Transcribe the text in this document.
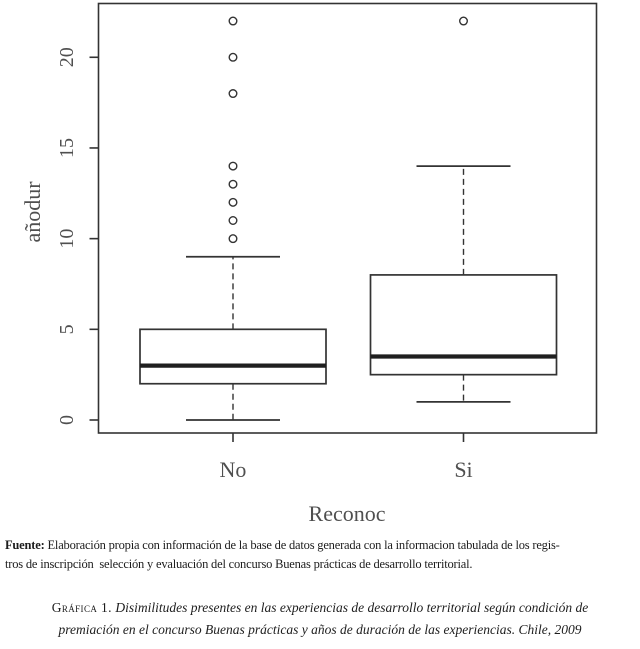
0
5
10
15
20
añodur
No	Si
Reconoc

Fuente: Elaboración propia con información de la base de datos generada con la informacion tabulada de los regis-
tros de inscripción  selección y evaluación del concurso Buenas prácticas de desarrollo territorial.

Gráfica 1. Disimilitudes presentes en las experiencias de desarrollo territorial según condición de
premiación en el concurso Buenas prácticas y años de duración de las experiencias. Chile, 2009
